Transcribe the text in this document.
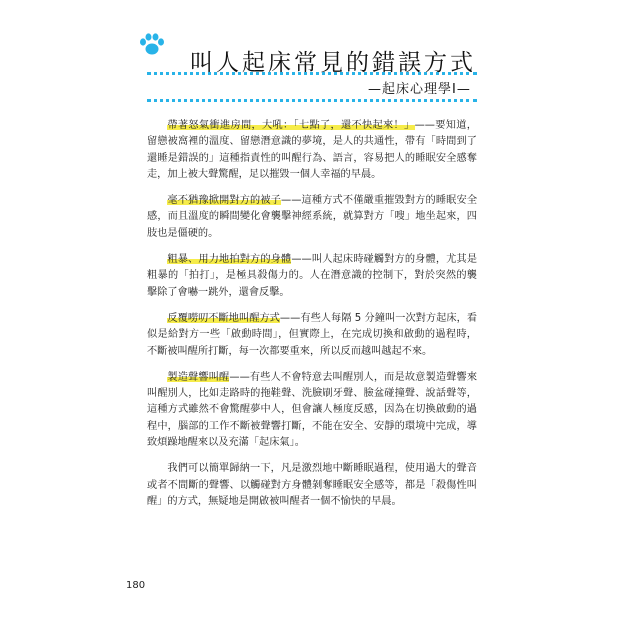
叫人起床常見的錯誤方式
—起床心理學Ⅰ—

帶著怒氣衝進房間，大吼：「七點了，還不快起來！」——要知道，留戀被窩裡的溫度、留戀潛意識的夢境，是人的共通性，帶有「時間到了還睡是錯誤的」這種指責性的叫醒行為、語言，容易把人的睡眠安全感奪走，加上被大聲驚醒，足以摧毀一個人幸福的早晨。

毫不猶豫掀開對方的被子——這種方式不僅嚴重摧毀對方的睡眠安全感，而且溫度的瞬間變化會襲擊神經系統，就算對方「嗖」地坐起來，四肢也是僵硬的。

粗暴、用力地拍對方的身體——叫人起床時碰觸對方的身體，尤其是粗暴的「拍打」，是極具殺傷力的。人在潛意識的控制下，對於突然的襲擊除了會嚇一跳外，還會反擊。

反覆嘮叨不斷地叫醒方式——有些人每隔 5 分鐘叫一次對方起床，看似是給對方一些「啟動時間」，但實際上，在完成切換和啟動的過程時，不斷被叫醒所打斷，每一次都要重來，所以反而越叫越起不來。

製造聲響叫醒——有些人不會特意去叫醒別人，而是故意製造聲響來叫醒別人，比如走路時的拖鞋聲、洗臉刷牙聲、臉盆碰撞聲、說話聲等，這種方式雖然不會驚醒夢中人，但會讓人極度反感，因為在切換啟動的過程中，腦部的工作不斷被聲響打斷，不能在安全、安靜的環境中完成，導致煩躁地醒來以及充滿「起床氣」。

我們可以簡單歸納一下，凡是激烈地中斷睡眠過程，使用過大的聲音或者不間斷的聲響、以觸碰對方身體剝奪睡眠安全感等，都是「殺傷性叫醒」的方式，無疑地是開啟被叫醒者一個不愉快的早晨。

180
